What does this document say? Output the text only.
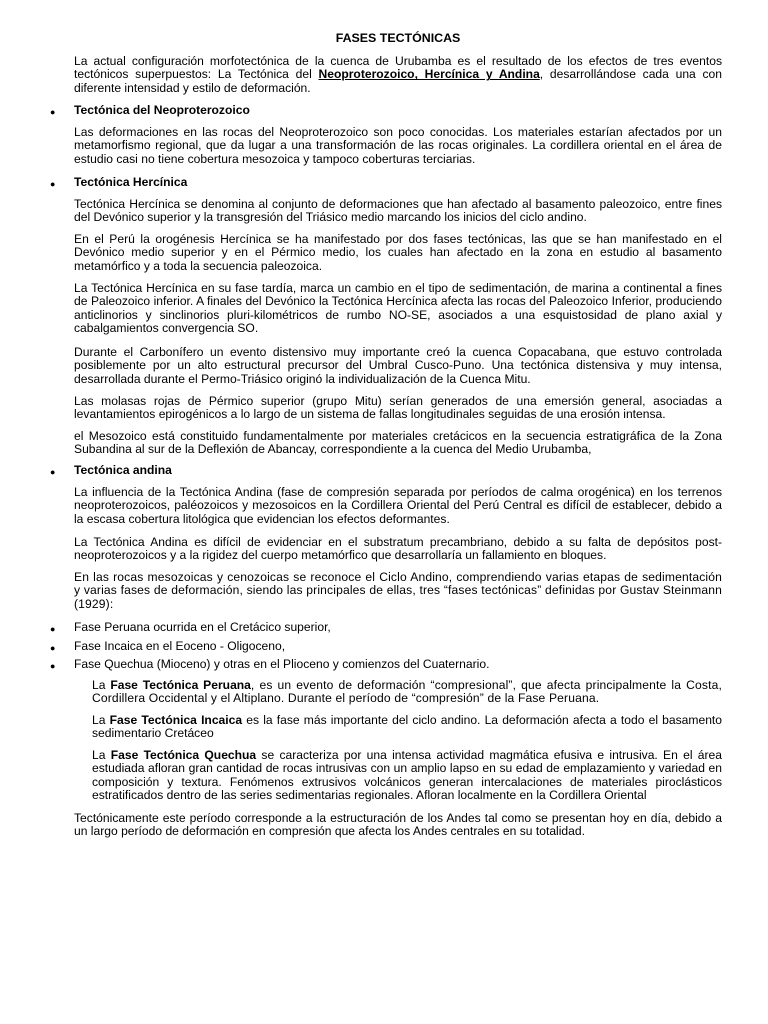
FASES TECTÓNICAS

La actual configuración morfotectónica de la cuenca de Urubamba es el resultado de los efectos de tres eventos tectónicos superpuestos: La Tectónica del Neoproterozoico, Hercínica y Andina, desarrollándose cada una con diferente intensidad y estilo de deformación.

● Tectónica del Neoproterozoico

Las deformaciones en las rocas del Neoproterozoico son poco conocidas. Los materiales estarían afectados por un metamorfismo regional, que da lugar a una transformación de las rocas originales. La cordillera oriental en el área de estudio casi no tiene cobertura mesozoica y tampoco coberturas terciarias.

● Tectónica Hercínica

Tectónica Hercínica se denomina al conjunto de deformaciones que han afectado al basamento paleozoico, entre fines del Devónico superior y la transgresión del Triásico medio marcando los inicios del ciclo andino.

En el Perú la orogénesis Hercínica se ha manifestado por dos fases tectónicas, las que se han manifestado en el Devónico medio superior y en el Pérmico medio, los cuales han afectado en la zona en estudio al basamento metamórfico y a toda la secuencia paleozoica.

La Tectónica Hercínica en su fase tardía, marca un cambio en el tipo de sedimentación, de marina a continental a fines de Paleozoico inferior. A finales del Devónico la Tectónica Hercínica afecta las rocas del Paleozoico Inferior, produciendo anticlinorios y sinclinorios pluri-kilométricos de rumbo NO-SE, asociados a una esquistosidad de plano axial y cabalgamientos convergencia SO.

Durante el Carbonífero un evento distensivo muy importante creó la cuenca Copacabana, que estuvo controlada posiblemente por un alto estructural precursor del Umbral Cusco-Puno. Una tectónica distensiva y muy intensa, desarrollada durante el Permo-Triásico originó la individualización de la Cuenca Mitu.

Las molasas rojas de Pérmico superior (grupo Mitu) serían generados de una emersión general, asociadas a levantamientos epirogénicos a lo largo de un sistema de fallas longitudinales seguidas de una erosión intensa.

el Mesozoico está constituido fundamentalmente por materiales cretácicos en la secuencia estratigráfica de la Zona Subandina al sur de la Deflexión de Abancay, correspondiente a la cuenca del Medio Urubamba,

● Tectónica andina

La influencia de la Tectónica Andina (fase de compresión separada por períodos de calma orogénica) en los terrenos neoproterozoicos, paléozoicos y mezosoicos en la Cordillera Oriental del Perú Central es difícil de establecer, debido a la escasa cobertura litológica que evidencian los efectos deformantes.

La Tectónica Andina es difícil de evidenciar en el substratum precambriano, debido a su falta de depósitos post-neoproterozoicos y a la rigidez del cuerpo metamórfico que desarrollaría un fallamiento en bloques.

En las rocas mesozoicas y cenozoicas se reconoce el Ciclo Andino, comprendiendo varias etapas de sedimentación y varias fases de deformación, siendo las principales de ellas, tres “fases tectónicas” definidas por Gustav Steinmann (1929):

● Fase Peruana ocurrida en el Cretácico superior,

● Fase Incaica en el Eoceno - Oligoceno,

● Fase Quechua (Mioceno) y otras en el Plioceno y comienzos del Cuaternario.

La Fase Tectónica Peruana, es un evento de deformación “compresional”, que afecta principalmente la Costa, Cordillera Occidental y el Altiplano. Durante el período de “compresión” de la Fase Peruana.

La Fase Tectónica Incaica es la fase más importante del ciclo andino. La deformación afecta a todo el basamento sedimentario Cretáceo

La Fase Tectónica Quechua se caracteriza por una intensa actividad magmática efusiva e intrusiva. En el área estudiada afloran gran cantidad de rocas intrusivas con un amplio lapso en su edad de emplazamiento y variedad en composición y textura. Fenómenos extrusivos volcánicos generan intercalaciones de materiales piroclásticos estratificados dentro de las series sedimentarias regionales. Afloran localmente en la Cordillera Oriental

Tectónicamente este período corresponde a la estructuración de los Andes tal como se presentan hoy en día, debido a un largo período de deformación en compresión que afecta los Andes centrales en su totalidad.
